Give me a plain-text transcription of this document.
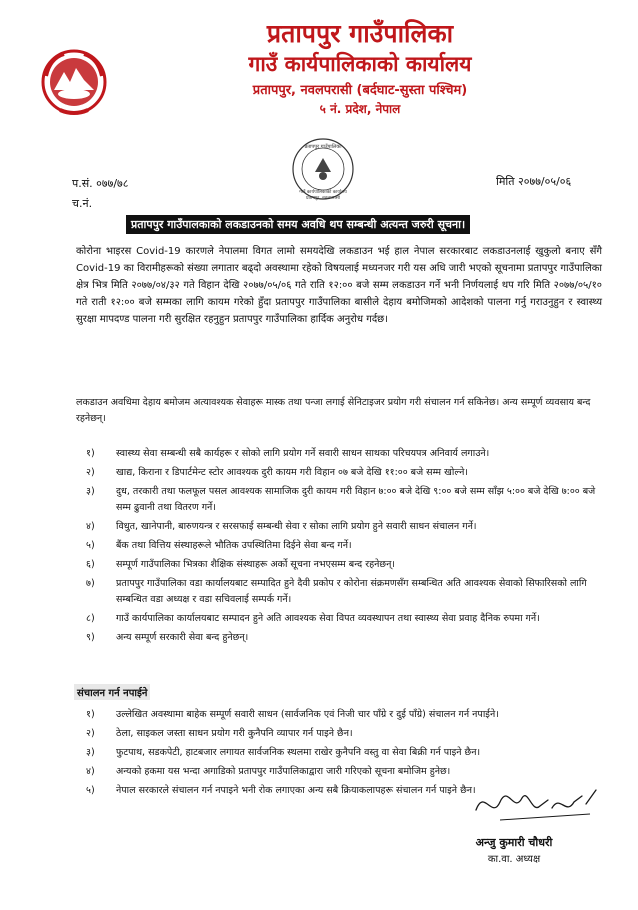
प्रतापपुर गाउँपालिका
गाउँ कार्यपालिकाको कार्यालय
प्रतापपुर, नवलपरासी (बर्दघाट-सुस्ता पश्चिम)
५ नं. प्रदेश, नेपाल
प्रतापपुर गाउँपालिका
गाउँ कार्यपालिकाको कार्यालय
प्रतापपुर, नवलपरासी
प.सं. ०७७/७८
च.नं.
मिति २०७७/०५/०६
प्रतापपुर गाउँपालकाको लकडाउनको समय अवधि थप सम्बन्धी अत्यन्त जरुरी सूचना।
कोरोना भाइरस Covid-19 कारणले नेपालमा विगत लामो समयदेखि लकडाउन भई हाल नेपाल सरकारबाट लकडाउनलाई खुकुलो बनाए सँगै Covid-19 का विरामीहरूको संख्या लगातार बढ्दो अवस्थामा रहेको विषयलाई मध्यनजर गरी यस अधि जारी भएको सूचनामा प्रतापपुर गाउँपालिका क्षेत्र भित्र मिति २०७७/०४/३२ गते विहान देखि २०७७/०५/०६ गते राति १२:०० बजे सम्म लकडाउन गर्ने भनी निर्णयलाई थप गरि मिति २०७७/०५/१० गते राती १२:०० बजे सम्मका लागि कायम गरेको हुँदा प्रतापपुर गाउँपालिका बासीले देहाय बमोजिमको आदेशको पालना गर्नु गराउनुहुन र स्वास्थ्य सुरक्षा मापदण्ड पालना गरी सुरक्षित रहनुहुन प्रतापपुर गाउँपालिका हार्दिक अनुरोध गर्दछ।
लकडाउन अवधिमा देहाय बमोजम अत्यावश्यक सेवाहरू मास्क तथा पन्जा लगाई सेनिटाइजर प्रयोग गरी संचालन गर्न सकिनेछ। अन्य सम्पूर्ण व्यवसाय बन्द रहनेछन्।
१)	स्वास्थ्य सेवा सम्बन्धी सबै कार्यहरू र सोको लागि प्रयोग गर्ने सवारी साधन साथका परिचयपत्र अनिवार्य लगाउने।
२)	खाद्य, किराना र डिपार्टमेन्ट स्टोर आवश्यक दुरी कायम गरी विहान ०७ बजे देखि ११:०० बजे सम्म खोल्ने।
३)	दुध, तरकारी तथा फलफूल पसल आवश्यक सामाजिक दुरी कायम गरी विहान ७:०० बजे देखि ९:०० बजे सम्म साँझ ५:०० बजे देखि ७:०० बजे सम्म ढुवानी तथा वितरण गर्ने।
४)	विधुत, खानेपानी, बारुणयन्त्र र सरसफाई सम्बन्धी सेवा र सोका लागि प्रयोग हुने सवारी साधन संचालन गर्ने।
५)	बैंक तथा वित्तिय संस्थाहरूले भौतिक उपस्थितिमा दिईने सेवा बन्द गर्ने।
६)	सम्पूर्ण गाउँपालिका भित्रका शैक्षिक संस्थाहरू अर्को सूचना नभएसम्म बन्द रहनेछन्।
७)	प्रतापपुर गाउँपालिका वडा कार्यालयबाट सम्पादित हुने दैवी प्रकोप र कोरोना संक्रमणसँग सम्बन्धित अति आवश्यक सेवाको सिफारिसको लागि सम्बन्धित वडा अध्यक्ष र वडा सचिवलाई सम्पर्क गर्ने।
८)	गाउँ कार्यपालिका कार्यालयबाट सम्पादन हुने अति आवश्यक सेवा विपत व्यवस्थापन तथा स्वास्थ्य सेवा प्रवाह दैनिक रुपमा गर्ने।
९)	अन्य सम्पूर्ण सरकारी सेवा बन्द हुनेछन्।
संचालन गर्न नपाईने
१)	उल्लेखित अवस्थामा बाहेक सम्पूर्ण सवारी साधन (सार्वजनिक एवं निजी चार पाँग्रे र दुई पाँग्रे) संचालन गर्न नपाईने।
२)	ठेला, साइकल जस्ता साधन प्रयोग गरी कुनैपनि व्यापार गर्न पाइने छैन।
३)	फुटपाथ, सडकपेटी, हाटबजार लगायत सार्वजनिक स्थलमा राखेर कुनैपनि वस्तु वा सेवा बिक्री गर्न पाइने छैन।
४)	अन्यको हकमा यस भन्दा अगाडिको प्रतापपुर गाउँपालिकाद्वारा जारी गरिएको सूचना बमोजिम हुनेछ।
५)	नेपाल सरकारले संचालन गर्न नपाइने भनी रोक लगाएका अन्य सबै क्रियाकलापहरू संचालन गर्न पाइने छैन।
अन्जु कुमारी चौधरी
का.वा. अध्यक्ष
